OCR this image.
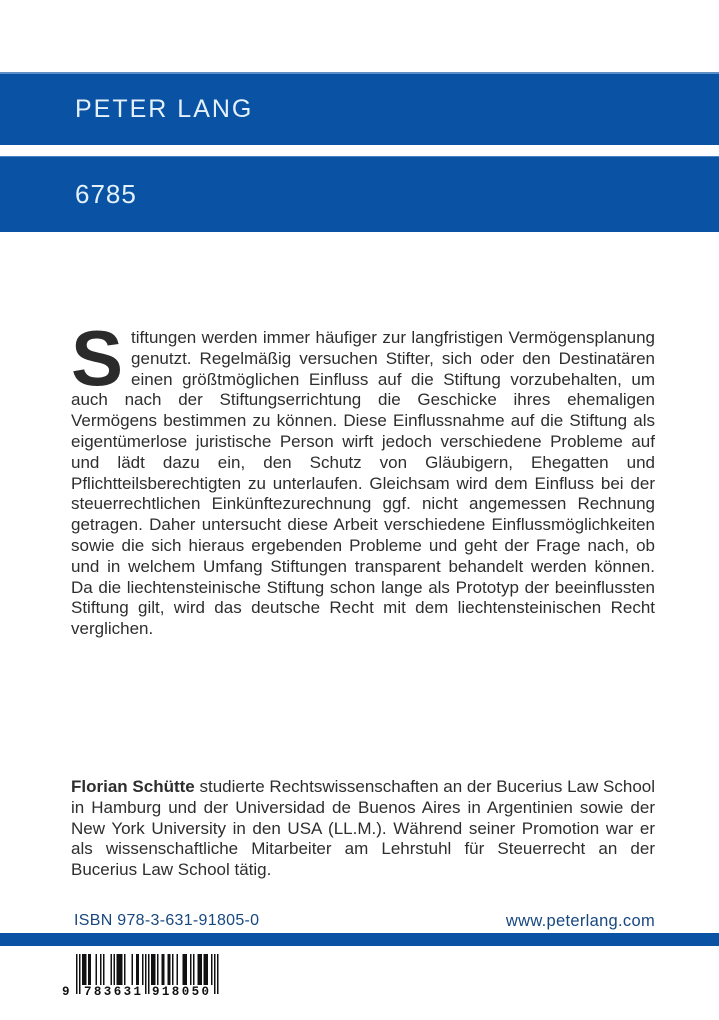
PETER LANG
6785
Stiftungen werden immer häufiger zur langfristigen Vermögensplanung genutzt. Regelmäßig versuchen Stifter, sich oder den Destinatären einen größtmöglichen Einfluss auf die Stiftung vorzubehalten, um auch nach der Stiftungserrichtung die Geschicke ihres ehemaligen Vermögens bestimmen zu können. Diese Einflussnahme auf die Stiftung als eigentümerlose juristische Person wirft jedoch verschiedene Probleme auf und lädt dazu ein, den Schutz von Gläubigern, Ehegatten und Pflichtteilsberechtigten zu unterlaufen. Gleichsam wird dem Einfluss bei der steuerrechtlichen Einkünftezurechnung ggf. nicht angemessen Rechnung getragen. Daher untersucht diese Arbeit verschiedene Einflussmöglichkeiten sowie die sich hieraus ergebenden Probleme und geht der Frage nach, ob und in welchem Umfang Stiftungen transparent behandelt werden können. Da die liechtensteinische Stiftung schon lange als Prototyp der beeinflussten Stiftung gilt, wird das deutsche Recht mit dem liechtensteinischen Recht verglichen.
Florian Schütte studierte Rechtswissenschaften an der Bucerius Law School in Hamburg und der Universidad de Buenos Aires in Argentinien sowie der New York University in den USA (LL.M.). Während seiner Promotion war er als wissenschaftliche Mitarbeiter am Lehrstuhl für Steuerrecht an der Bucerius Law School tätig.
ISBN 978-3-631-91805-0	www.peterlang.com
9 783631 918050
